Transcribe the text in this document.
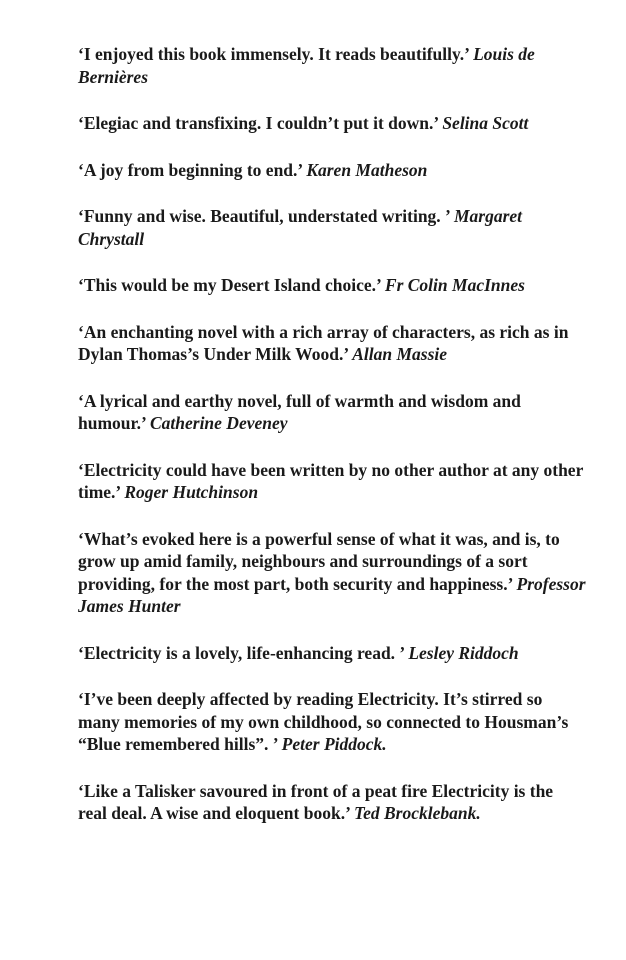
‘I enjoyed this book immensely. It reads beautifully.’ Louis de Bernières

‘Elegiac and transfixing. I couldn’t put it down.’ Selina Scott

‘A joy from beginning to end.’ Karen Matheson

‘Funny and wise. Beautiful, understated writing. ’ Margaret Chrystall

‘This would be my Desert Island choice.’ Fr Colin MacInnes

‘An enchanting novel with a rich array of characters, as rich as in Dylan Thomas’s Under Milk Wood.’ Allan Massie

‘A lyrical and earthy novel, full of warmth and wisdom and humour.’ Catherine Deveney

‘Electricity could have been written by no other author at any other time.’ Roger Hutchinson

‘What’s evoked here is a powerful sense of what it was, and is, to grow up amid family, neighbours and surroundings of a sort providing, for the most part, both security and happiness.’ Professor James Hunter

‘Electricity is a lovely, life-enhancing read. ’ Lesley Riddoch

‘I’ve been deeply affected by reading Electricity. It’s stirred so many memories of my own childhood, so connected to Housman’s “Blue remembered hills”. ’ Peter Piddock.

‘Like a Talisker savoured in front of a peat fire Electricity is the real deal. A wise and eloquent book.’ Ted Brocklebank.
